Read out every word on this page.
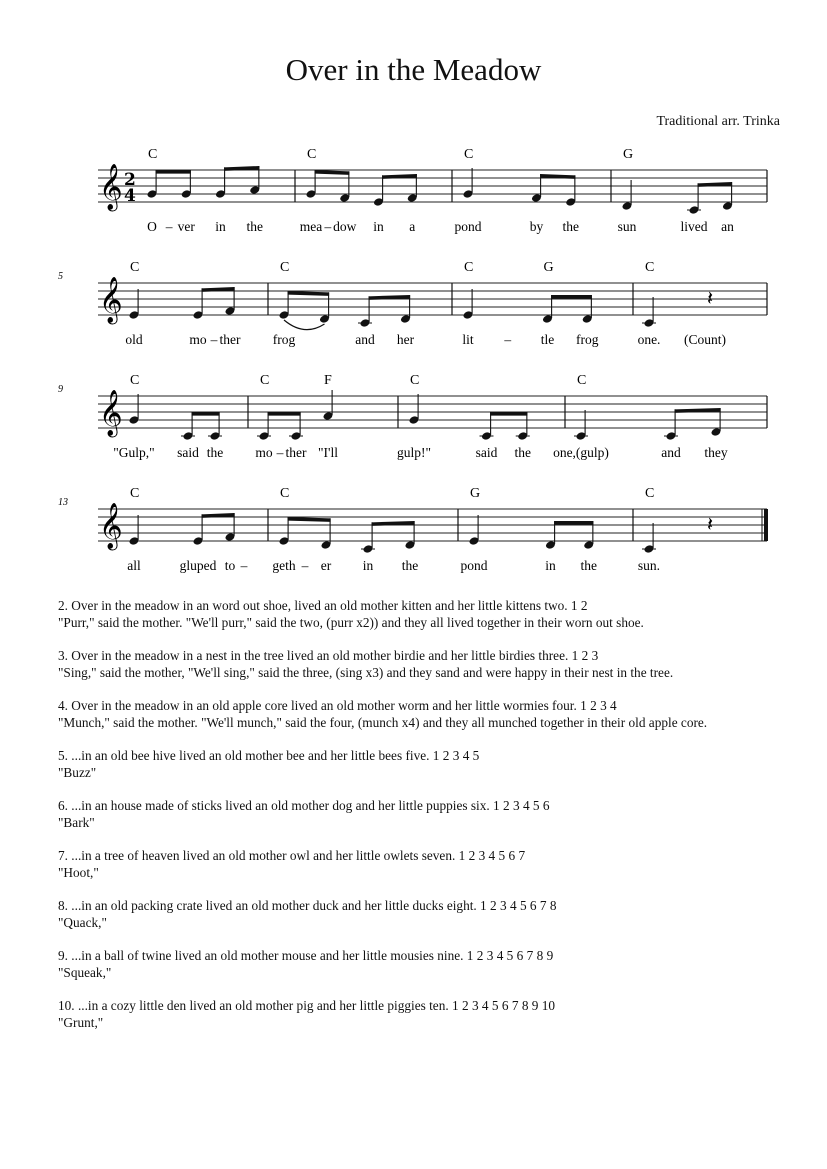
Over in the Meadow
Traditional arr. Trinka
𝄞 2
4
C
O ver
–	in the
C
mea dow
–	in a
C
pond	by the
G
sun	lived an
𝄞
5
C
old	mo ther
–
C
frog	and her
C	G
lit	tle
–	frog
C
𝄽
one. (Count)
𝄞
9
C
"Gulp," said the
C	F
mo ther
–	"I'll
C
gulp!"	said the
C
one,(gulp)	and they
𝄞
13
C
all	gluped to –
C
geth er
–	in the
G
pond	in the
C
𝄽
sun.
2. Over in the meadow in an word out shoe, lived an old mother kitten and her little kittens two. 1 2
"Purr," said the mother. "We'll purr," said the two, (purr x2)) and they all lived together in their worn out shoe.
3. Over in the meadow in a nest in the tree lived an old mother birdie and her little birdies three. 1 2 3
"Sing," said the mother, "We'll sing," said the three, (sing x3) and they sand and were happy in their nest in the tree.
4. Over in the meadow in an old apple core lived an old mother worm and her little wormies four. 1 2 3 4
"Munch," said the mother. "We'll munch," said the four, (munch x4) and they all munched together in their old apple core.
5. ...in an old bee hive lived an old mother bee and her little bees five. 1 2 3 4 5
"Buzz"
6. ...in an house made of sticks lived an old mother dog and her little puppies six. 1 2 3 4 5 6
"Bark"
7. ...in a tree of heaven lived an old mother owl and her little owlets seven. 1 2 3 4 5 6 7
"Hoot,"
8. ...in an old packing crate lived an old mother duck and her little ducks eight. 1 2 3 4 5 6 7 8
"Quack,"
9. ...in a ball of twine lived an old mother mouse and her little mousies nine. 1 2 3 4 5 6 7 8 9
"Squeak,"
10. ...in a cozy little den lived an old mother pig and her little piggies ten. 1 2 3 4 5 6 7 8 9 10
"Grunt,"
